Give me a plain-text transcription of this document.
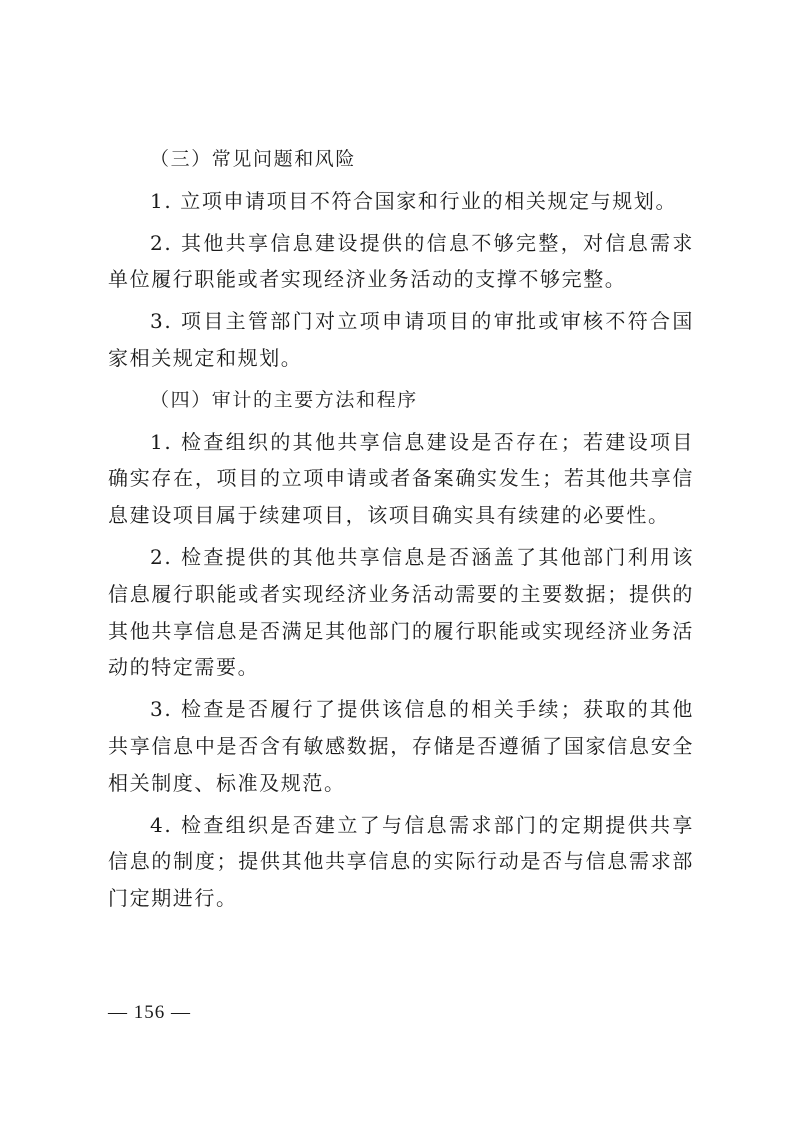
（三）常见问题和风险

1. 立项申请项目不符合国家和行业的相关规定与规划。

2. 其他共享信息建设提供的信息不够完整，对信息需求单位履行职能或者实现经济业务活动的支撑不够完整。

3. 项目主管部门对立项申请项目的审批或审核不符合国家相关规定和规划。

（四）审计的主要方法和程序

1. 检查组织的其他共享信息建设是否存在；若建设项目确实存在，项目的立项申请或者备案确实发生；若其他共享信息建设项目属于续建项目，该项目确实具有续建的必要性。

2. 检查提供的其他共享信息是否涵盖了其他部门利用该信息履行职能或者实现经济业务活动需要的主要数据；提供的其他共享信息是否满足其他部门的履行职能或实现经济业务活动的特定需要。

3. 检查是否履行了提供该信息的相关手续；获取的其他共享信息中是否含有敏感数据，存储是否遵循了国家信息安全相关制度、标准及规范。

4. 检查组织是否建立了与信息需求部门的定期提供共享信息的制度；提供其他共享信息的实际行动是否与信息需求部门定期进行。

— 156 —
